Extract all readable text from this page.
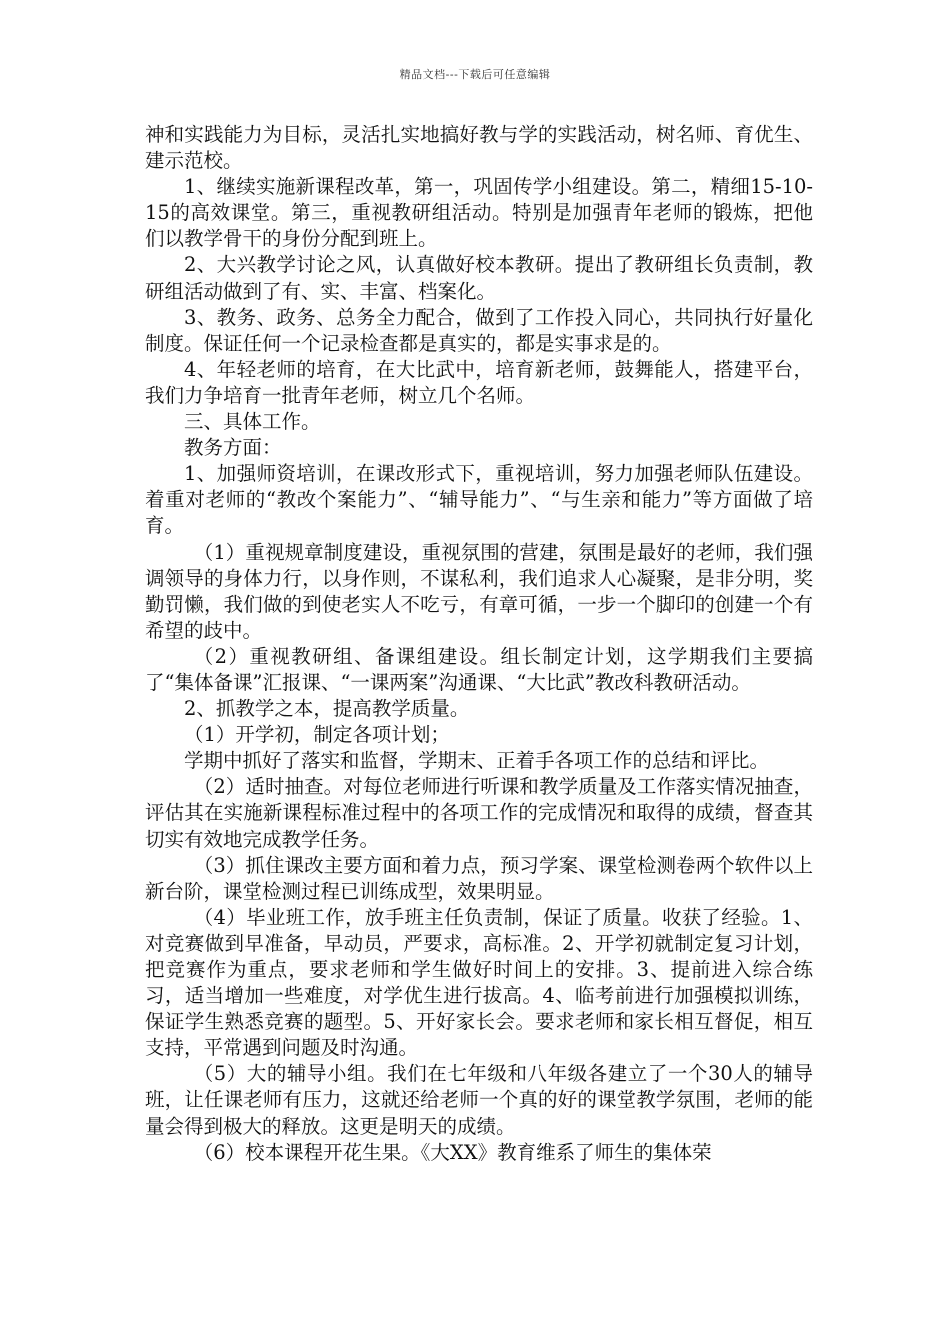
精品文档---下载后可任意编辑

神和实践能力为目标，灵活扎实地搞好教与学的实践活动，树名师、育优生、建示范校。

1、继续实施新课程改革，第一，巩固传学小组建设。第二，精细15-10-15的高效课堂。第三，重视教研组活动。特别是加强青年老师的锻炼，把他们以教学骨干的身份分配到班上。

2、大兴教学讨论之风，认真做好校本教研。提出了教研组长负责制，教研组活动做到了有、实、丰富、档案化。

3、教务、政务、总务全力配合，做到了工作投入同心，共同执行好量化制度。保证任何一个记录检查都是真实的，都是实事求是的。

4、年轻老师的培育，在大比武中，培育新老师，鼓舞能人，搭建平台，我们力争培育一批青年老师，树立几个名师。

三、具体工作。

教务方面：

1、加强师资培训，在课改形式下，重视培训，努力加强老师队伍建设。着重对老师的“教改个案能力”、“辅导能力”、“与生亲和能力”等方面做了培育。

（1）重视规章制度建设，重视氛围的营建，氛围是最好的老师，我们强调领导的身体力行，以身作则，不谋私利，我们追求人心凝聚，是非分明，奖勤罚懒，我们做的到使老实人不吃亏，有章可循，一步一个脚印的创建一个有希望的歧中。

（2）重视教研组、备课组建设。组长制定计划，这学期我们主要搞了“集体备课”汇报课、“一课两案”沟通课、“大比武”教改科教研活动。

2、抓教学之本，提高教学质量。

（1）开学初，制定各项计划；

学期中抓好了落实和监督，学期末、正着手各项工作的总结和评比。

（2）适时抽查。对每位老师进行听课和教学质量及工作落实情况抽查，评估其在实施新课程标准过程中的各项工作的完成情况和取得的成绩，督查其切实有效地完成教学任务。

（3）抓住课改主要方面和着力点，预习学案、课堂检测卷两个软件以上新台阶，课堂检测过程已训练成型，效果明显。

（4）毕业班工作，放手班主任负责制，保证了质量。收获了经验。1、对竞赛做到早准备，早动员，严要求，高标准。2、开学初就制定复习计划，把竞赛作为重点，要求老师和学生做好时间上的安排。3、提前进入综合练习，适当增加一些难度，对学优生进行拔高。4、临考前进行加强模拟训练，保证学生熟悉竞赛的题型。5、开好家长会。要求老师和家长相互督促，相互支持，平常遇到问题及时沟通。

（5）大的辅导小组。我们在七年级和八年级各建立了一个30人的辅导班，让任课老师有压力，这就还给老师一个真的好的课堂教学氛围，老师的能量会得到极大的释放。这更是明天的成绩。

（6）校本课程开花生果。《大XX》教育维系了师生的集体荣
